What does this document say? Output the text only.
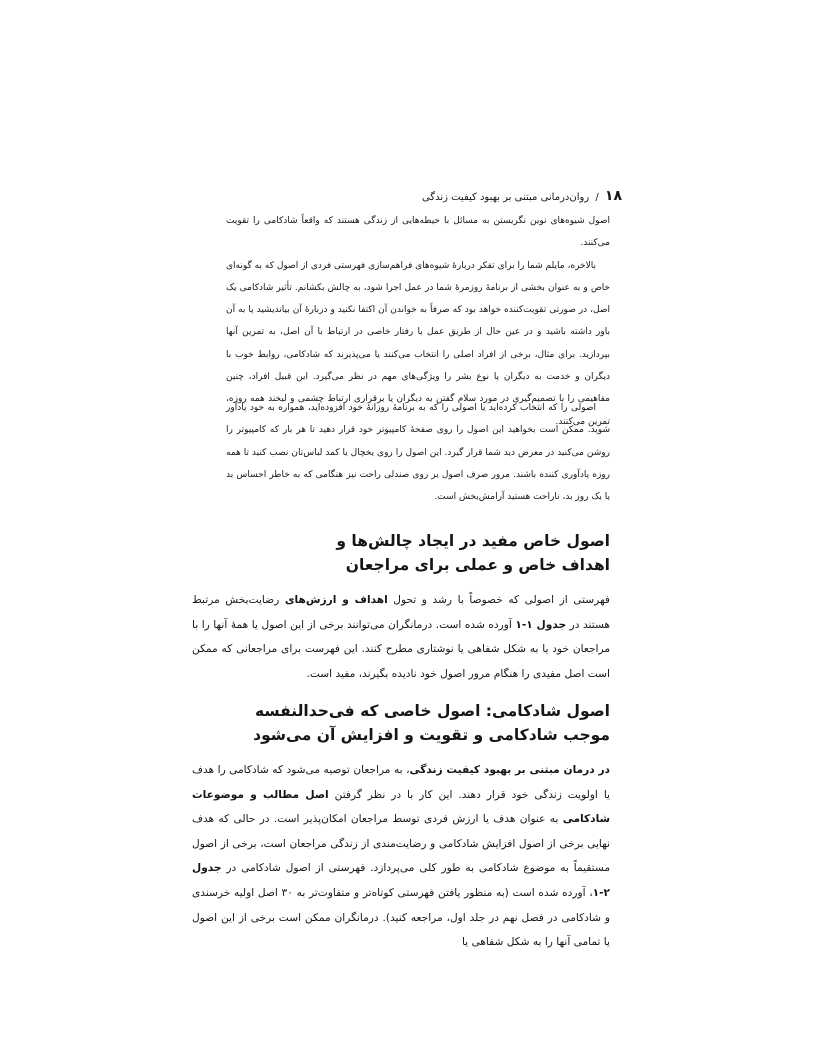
۱۸ / روان‌درمانی مبتنی بر بهبود کیفیت زندگی

اصول شیوه‌های نوین نگریستن به مسائل با حیطه‌هایی از زندگی هستند که واقعاً شادکامی را تقویت می‌کنند.

بالاخره، مایلم شما را برای تفکر دربارۀ شیوه‌های فراهم‌سازی فهرستی فردی از اصول که به گونه‌ای خاص و به عنوان بخشی از برنامۀ روزمرۀ شما در عمل اجرا شود، به چالش بکشانم. تأثیر شادکامی یک اصل، در صورتی تقویت‌کننده خواهد بود که صرفاً به خواندن آن اکتفا نکنید و دربارۀ آن بیاندیشید یا به آن باور داشته باشید و در عین حال از طریق عمل یا رفتار خاصی در ارتباط با آن اصل، به تمرین آنها بپردازید. برای مثال، برخی از افراد اصلی را انتخاب می‌کنند یا می‌پذیرند که شادکامی، روابط خوب با دیگران و خدمت به دیگران یا نوع بشر را ویژگی‌های مهم در نظر می‌گیرد. این قبیل افراد، چنین مفاهیمی را با تصمیم‌گیری در مورد سلام گفتن به دیگران یا برقراری ارتباط چشمی و لبخند همه روزه، تمرین می‌کنند.

اصولی را که انتخاب کرده‌اید یا اصولی را که به برنامۀ روزانۀ خود افزوده‌اید، همواره به خود یادآور شوید. ممکن است بخواهید این اصول را روی صفحۀ کامپیوتر خود قرار دهید تا هر بار که کامپیوتر را روشن می‌کنید در معرض دید شما قرار گیرد. این اصول را روی یخچال یا کمد لباس‌تان نصب کنید تا همه روزه یادآوری کننده باشند. مرور صرف اصول بر روی صندلی راحت نیز هنگامی که به خاطر احساس بد یا یک روز بد، ناراحت هستید آرامش‌بخش است.

اصول خاص مفید در ایجاد چالش‌ها و
اهداف خاص و عملی برای مراجعان

فهرستی از اصولی که خصوصاً با رشد و تحول اهداف و ارزش‌های رضایت‌بخش مرتبط هستند در جدول ۱-۱ آورده شده است. درمانگران می‌توانند برخی از این اصول یا همۀ آنها را با مراجعان خود یا به شکل شفاهی یا نوشتاری مطرح کنند. این فهرست برای مراجعانی که ممکن است اصل مفیدی را هنگام مرور اصول خود نادیده بگیرند، مفید است.

اصول شادکامی: اصول خاصی که فی‌حدالنفسه
موجب شادکامی و تقویت و افزایش آن می‌شود

در درمان مبتنی بر بهبود کیفیت زندگی، به مراجعان توصیه می‌شود که شادکامی را هدف یا اولویت زندگی خود قرار دهند. این کار با در نظر گرفتن اصل مطالب و موضوعات شادکامی به عنوان هدف یا ارزش فردی توسط مراجعان امکان‌پذیر است. در حالی که هدف نهایی برخی از اصول افزایش شادکامی و رضایت‌مندی از زندگی مراجعان است، برخی از اصول مستقیماً به موضوع شادکامی به طور کلی می‌پردازد. فهرستی از اصول شادکامی در جدول ۲-۱، آورده شده است (به منظور یافتن فهرستی کوتاه‌تر و متفاوت‌تر به ۳۰ اصل اولیه خرسندی و شادکامی در فصل نهم در جلد اول، مراجعه کنید). درمانگران ممکن است برخی از این اصول یا تمامی آنها را به شکل شفاهی یا
